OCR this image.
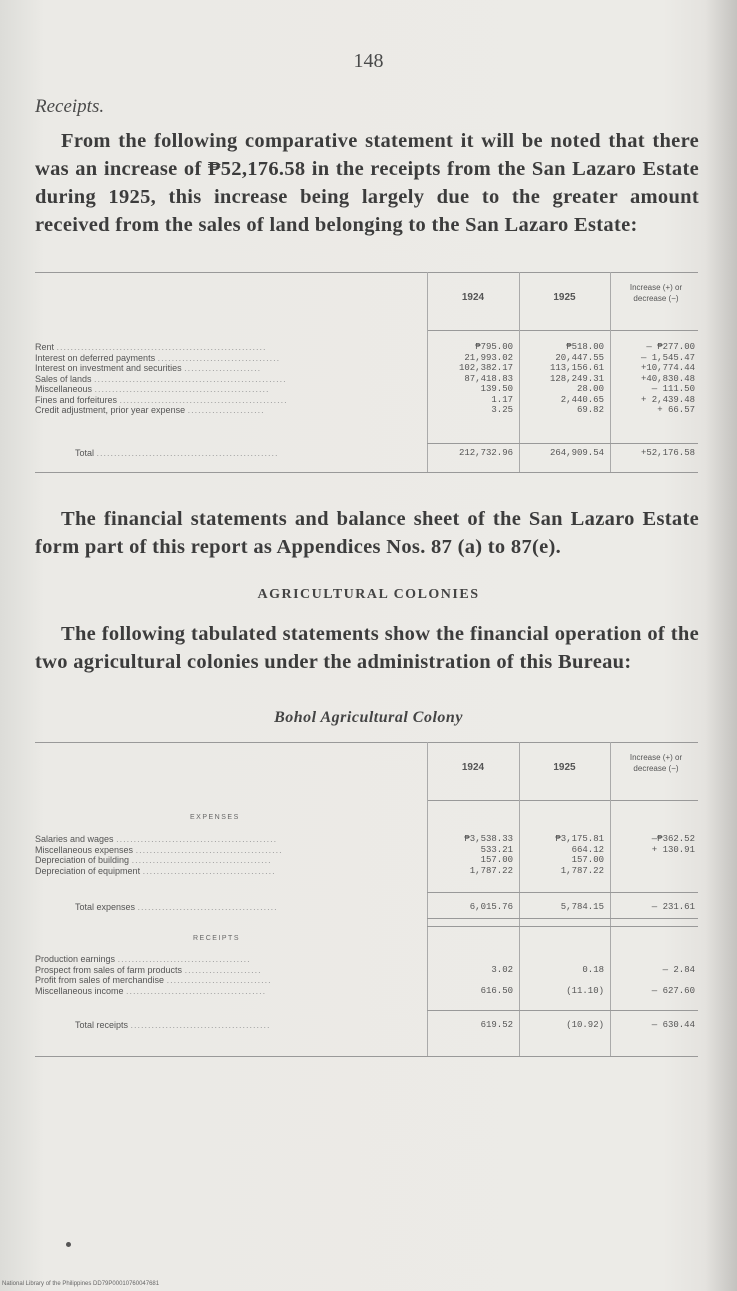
148
Receipts.
From the following comparative statement it will be noted that there was an increase of ₱52,176.58 in the receipts from the San Lazaro Estate during 1925, this increase being largely due to the greater amount received from the sales of land belonging to the San Lazaro Estate:
1924	1925
Increase (+) or decrease (−)
Rent ............................................................	₱795.00	₱518.00	— ₱277.00
Interest on deferred payments ...................................	21,993.02	20,447.55	— 1,545.47
Interest on investment and securities ......................	102,382.17	113,156.61	+10,774.44
Sales of lands .......................................................	87,418.83	128,249.31	+40,830.48
Miscellaneous ..................................................	139.50	28.00	— 111.50
Fines and forfeitures ................................................	1.17	2,440.65	+ 2,439.48
Credit adjustment, prior year expense ......................	3.25	69.82	+ 66.57
Total ....................................................	212,732.96	264,909.54	+52,176.58
The financial statements and balance sheet of the San Lazaro Estate form part of this report as Appendices Nos. 87 (a) to 87(e).
AGRICULTURAL COLONIES
The following tabulated statements show the financial operation of the two agricultural colonies under the administration of this Bureau:
Bohol Agricultural Colony
1924	1925
Increase (+) or decrease (−)
EXPENSES
RECEIPTS
Salaries and wages ..............................................	₱3,538.33	₱3,175.81	—₱362.52
Miscellaneous expenses ..........................................	533.21	664.12	+ 130.91
Depreciation of building ........................................	157.00	157.00
Depreciation of equipment ......................................	1,787.22	1,787.22
Total expenses ........................................	6,015.76	5,784.15	— 231.61
Production earnings ......................................
Prospect from sales of farm products ......................	3.02	0.18	— 2.84
Profit from sales of merchandise ..............................
Miscellaneous income ........................................	616.50	(11.10)	— 627.60
Total receipts ........................................	619.52	(10.92)	— 630.44
National Library of the Philippines DD79P00010760047681
